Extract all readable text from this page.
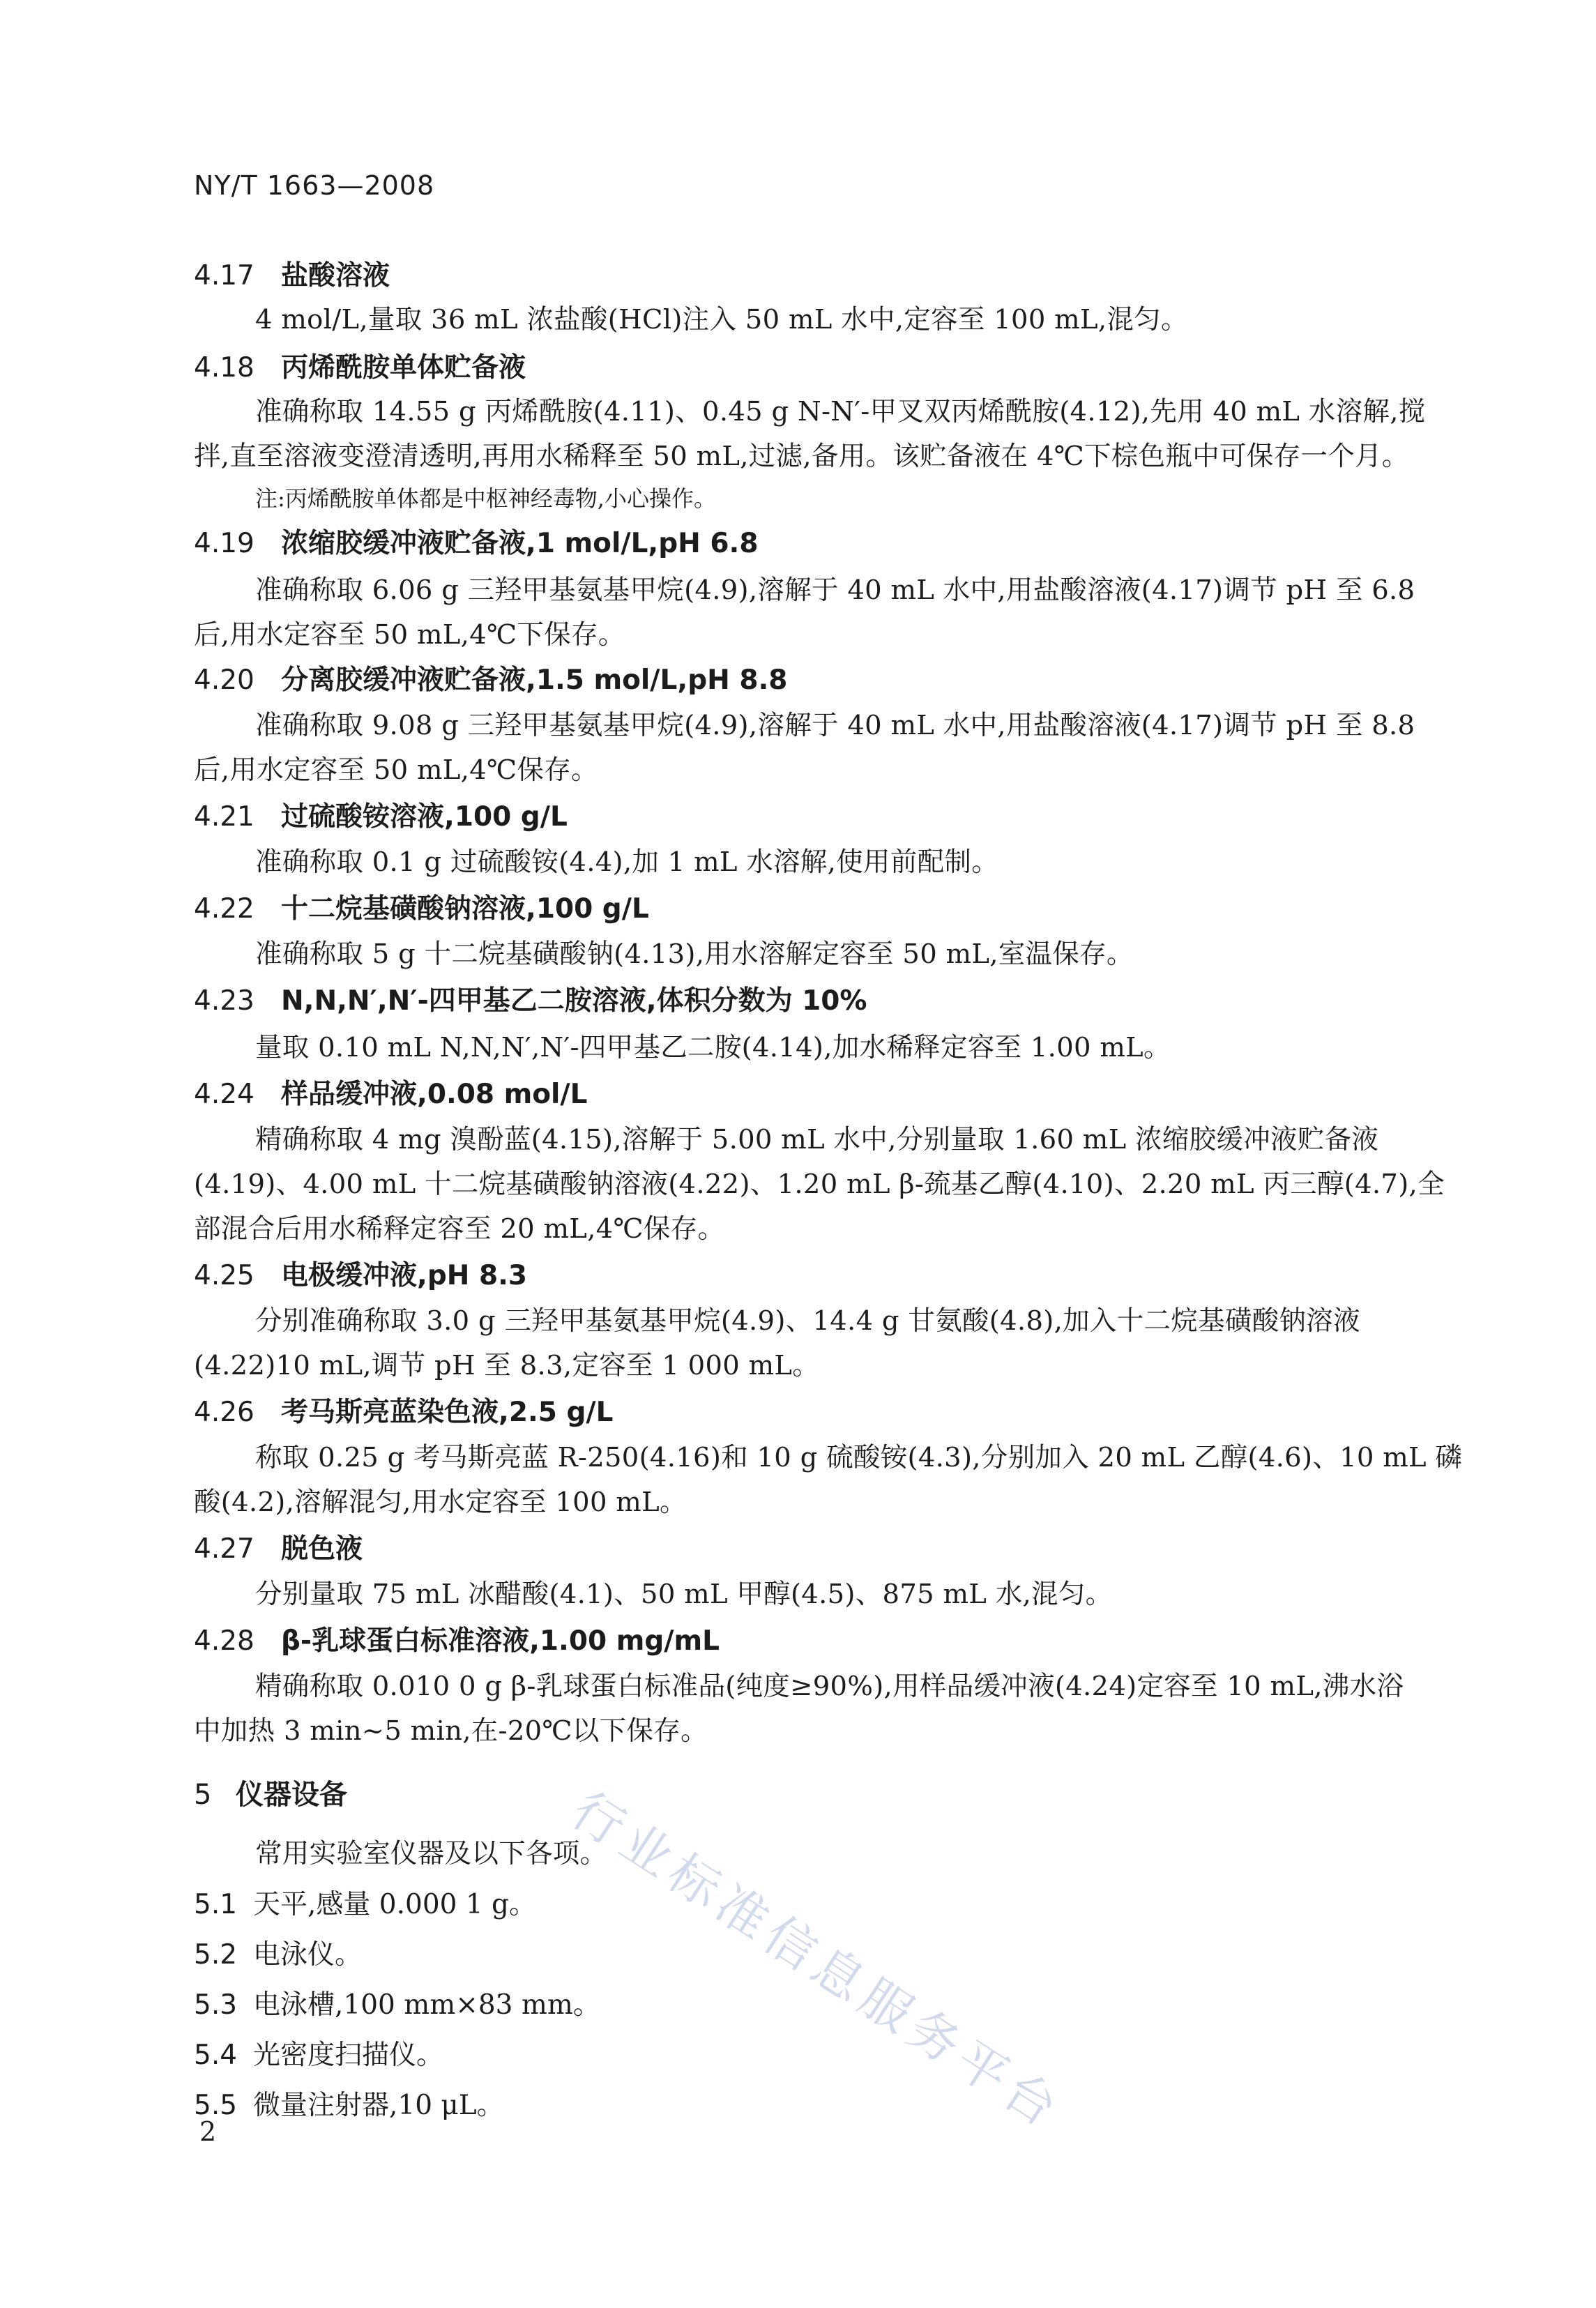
NY/T 1663—2008
4.17 盐酸溶液
4 mol/L,量取 36 mL 浓盐酸(HCl)注入 50 mL 水中,定容至 100 mL,混匀。
4.18 丙烯酰胺单体贮备液
准确称取 14.55 g 丙烯酰胺(4.11)、0.45 g N-N′-甲叉双丙烯酰胺(4.12),先用 40 mL 水溶解,搅
拌,直至溶液变澄清透明,再用水稀释至 50 mL,过滤,备用。该贮备液在 4℃下棕色瓶中可保存一个月。
注:丙烯酰胺单体都是中枢神经毒物,小心操作。
4.19 浓缩胶缓冲液贮备液,1 mol/L,pH 6.8
准确称取 6.06 g 三羟甲基氨基甲烷(4.9),溶解于 40 mL 水中,用盐酸溶液(4.17)调节 pH 至 6.8
后,用水定容至 50 mL,4℃下保存。
4.20 分离胶缓冲液贮备液,1.5 mol/L,pH 8.8
准确称取 9.08 g 三羟甲基氨基甲烷(4.9),溶解于 40 mL 水中,用盐酸溶液(4.17)调节 pH 至 8.8
后,用水定容至 50 mL,4℃保存。
4.21 过硫酸铵溶液,100 g/L
准确称取 0.1 g 过硫酸铵(4.4),加 1 mL 水溶解,使用前配制。
4.22 十二烷基磺酸钠溶液,100 g/L
准确称取 5 g 十二烷基磺酸钠(4.13),用水溶解定容至 50 mL,室温保存。
4.23 N,N,N′,N′-四甲基乙二胺溶液,体积分数为 10%
量取 0.10 mL N,N,N′,N′-四甲基乙二胺(4.14),加水稀释定容至 1.00 mL。
4.24 样品缓冲液,0.08 mol/L
精确称取 4 mg 溴酚蓝(4.15),溶解于 5.00 mL 水中,分别量取 1.60 mL 浓缩胶缓冲液贮备液
(4.19)、4.00 mL 十二烷基磺酸钠溶液(4.22)、1.20 mL β-巯基乙醇(4.10)、2.20 mL 丙三醇(4.7),全
部混合后用水稀释定容至 20 mL,4℃保存。
4.25 电极缓冲液,pH 8.3
分别准确称取 3.0 g 三羟甲基氨基甲烷(4.9)、14.4 g 甘氨酸(4.8),加入十二烷基磺酸钠溶液
(4.22)10 mL,调节 pH 至 8.3,定容至 1 000 mL。
4.26 考马斯亮蓝染色液,2.5 g/L
称取 0.25 g 考马斯亮蓝 R-250(4.16)和 10 g 硫酸铵(4.3),分别加入 20 mL 乙醇(4.6)、10 mL 磷
酸(4.2),溶解混匀,用水定容至 100 mL。
4.27 脱色液
分别量取 75 mL 冰醋酸(4.1)、50 mL 甲醇(4.5)、875 mL 水,混匀。
4.28 β-乳球蛋白标准溶液,1.00 mg/mL
精确称取 0.010 0 g β-乳球蛋白标准品(纯度≥90%),用样品缓冲液(4.24)定容至 10 mL,沸水浴
中加热 3 min~5 min,在-20℃以下保存。
5 仪器设备
常用实验室仪器及以下各项。
5.1 天平,感量 0.000 1 g。
5.2 电泳仪。
5.3 电泳槽,100 mm×83 mm。
5.4 光密度扫描仪。
5.5 微量注射器,10 μL。
2	行业标准信息服务平台
